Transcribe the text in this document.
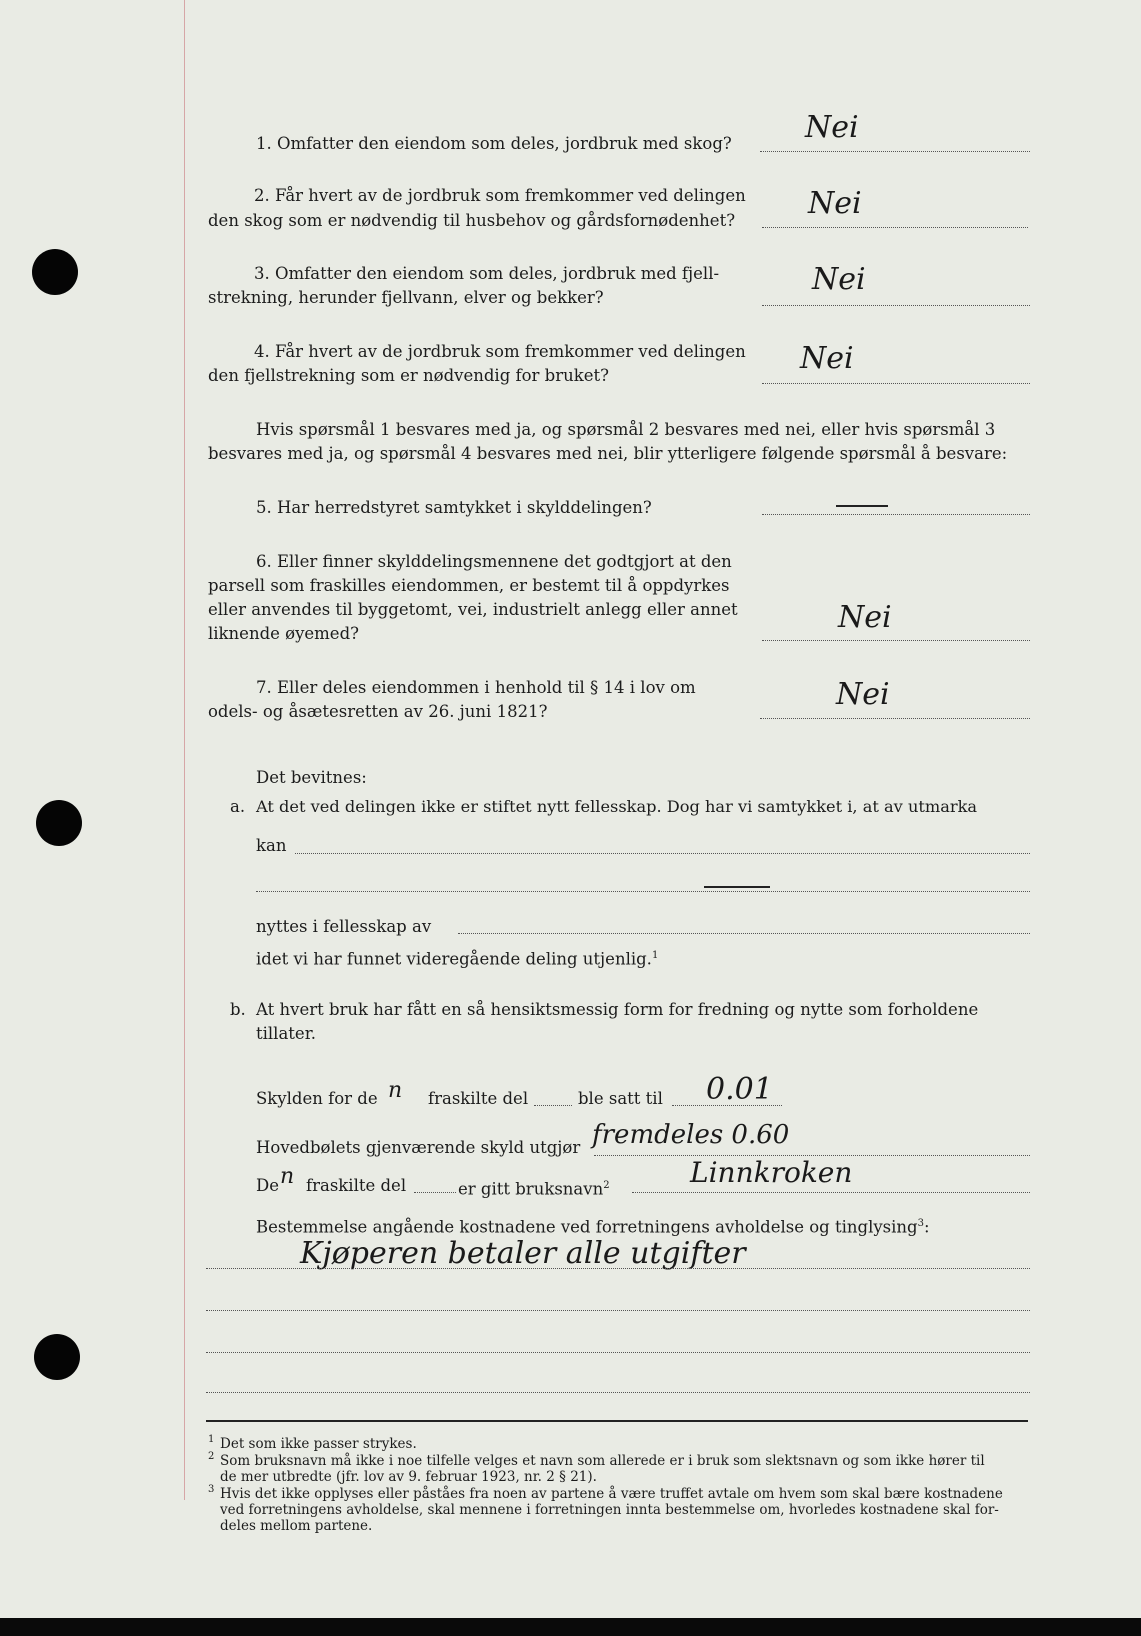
1. Omfatter den eiendom som deles, jordbruk med skog? Nei
2. Får hvert av de jordbruk som fremkommer ved delingen
den skog som er nødvendig til husbehov og gårdsfornødenhet? Nei
3. Omfatter den eiendom som deles, jordbruk med fjell-
strekning, herunder fjellvann, elver og bekker?
Nei
4. Får hvert av de jordbruk som fremkommer ved delingen
den fjellstrekning som er nødvendig for bruket?	Nei
Hvis spørsmål 1 besvares med ja, og spørsmål 2 besvares med nei, eller hvis spørsmål 3
besvares med ja, og spørsmål 4 besvares med nei, blir ytterligere følgende spørsmål å besvare:
5. Har herredstyret samtykket i skylddelingen?
6. Eller finner skylddelingsmennene det godtgjort at den
parsell som fraskilles eiendommen, er bestemt til å oppdyrkes
eller anvendes til byggetomt, vei, industrielt anlegg eller annet
liknende øyemed?	Nei
7. Eller deles eiendommen i henhold til § 14 i lov om
odels- og åsætesretten av 26. juni 1821?	Nei
Det bevitnes:
a. At det ved delingen ikke er stiftet nytt fellesskap. Dog har vi samtykket i, at av utmarka
kan
nyttes i fellesskap av
idet vi har funnet videregående deling utjenlig.$^1$
b. At hvert bruk har fått en så hensiktsmessig form for fredning og nytte som forholdene
tillater.
Skylden for de n fraskilte del	ble satt til 0.01
Hovedbølets gjenværende skyld utgjør fremdeles 0.60
De n fraskilte del	er gitt bruksnavn$^2$	Linnkroken
Bestemmelse angående kostnadene ved forretningens avholdelse og tinglysing$^3$:
Kjøperen betaler alle utgifter
1 Det som ikke passer strykes.
2 Som bruksnavn må ikke i noe tilfelle velges et navn som allerede er i bruk som slektsnavn og som ikke hører til
de mer utbredte (jfr. lov av 9. februar 1923, nr. 2 § 21).
3 Hvis det ikke opplyses eller påståes fra noen av partene å være truffet avtale om hvem som skal bære kostnadene
ved forretningens avholdelse, skal mennene i forretningen innta bestemmelse om, hvorledes kostnadene skal for-
deles mellom partene.
